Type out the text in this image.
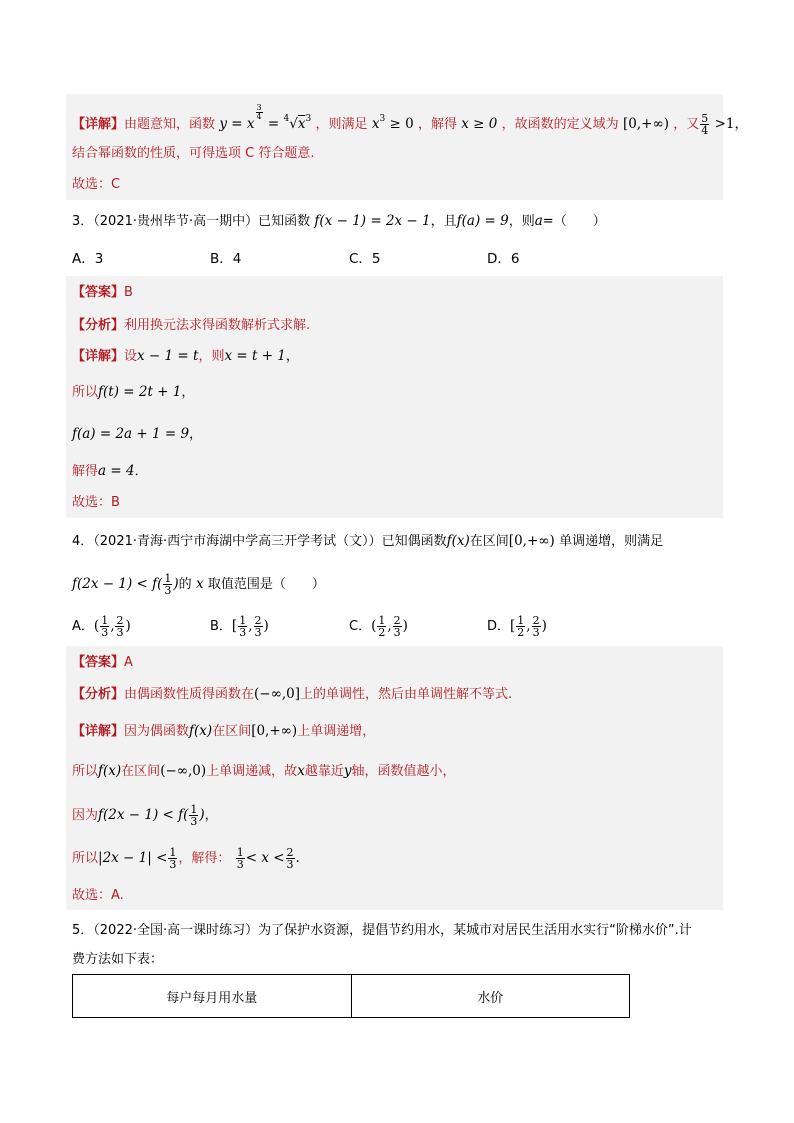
【详解】由题意知，函数 y = x
$\frac{3}{4}$
= $^4√x^3$ ，则满足 $x^3 \ge 0$ ，解得 x ≥ 0 ，故函数的定义域为 [0,+∞) ，又 $\frac{5}{4} >1$，
结合幂函数的性质，可得选项 C 符合题意.
故选：C
3．（2021·贵州毕节·高一期中）已知函数 f(x − 1) = 2x − 1，且f(a) = 9，则a=（　　）
A．3	B．4	C．5	D．6
【答案】B
【分析】利用换元法求得函数解析式求解.
【详解】设x − 1 = t，则x = t + 1，
所以f(t) = 2t + 1，
f(a) = 2a + 1 = 9，
解得a = 4．
故选：B
4．（2021·青海·西宁市海湖中学高三开学考试（文））已知偶函数f(x)在区间[0,+∞) 单调递增，则满足
$f(2x - 1) < f( \frac{1}{3}$ )的 x 取值范围是（　　）
A．( $\frac{1}{3}$ , $\frac{2}{3}$ )	B．[ $\frac{1}{3}$ , $\frac{2}{3}$ )	C．( $\frac{1}{2}$ , $\frac{2}{3}$ )	D．[ $\frac{1}{2}$ , $\frac{2}{3}$ )
【答案】A
【分析】由偶函数性质得函数在(−∞,0]上的单调性，然后由单调性解不等式.
【详解】因为偶函数f(x)在区间[0,+∞)上单调递增，
所以f(x)在区间(−∞,0)上单调递减，故x越靠近y轴，函数值越小，
因为$f(2x - 1) < f( \frac{1}{3}$ )，
所以$|2x - 1| < \frac{1}{3}$ ，解得： $\frac{1}{3} < x < \frac{2}{3}$ .
故选：A.
5．（2022·全国·高一课时练习）为了保护水资源，提倡节约用水，某城市对居民生活用水实行“阶梯水价”.计
费方法如下表：
每户每月用水量	水价
